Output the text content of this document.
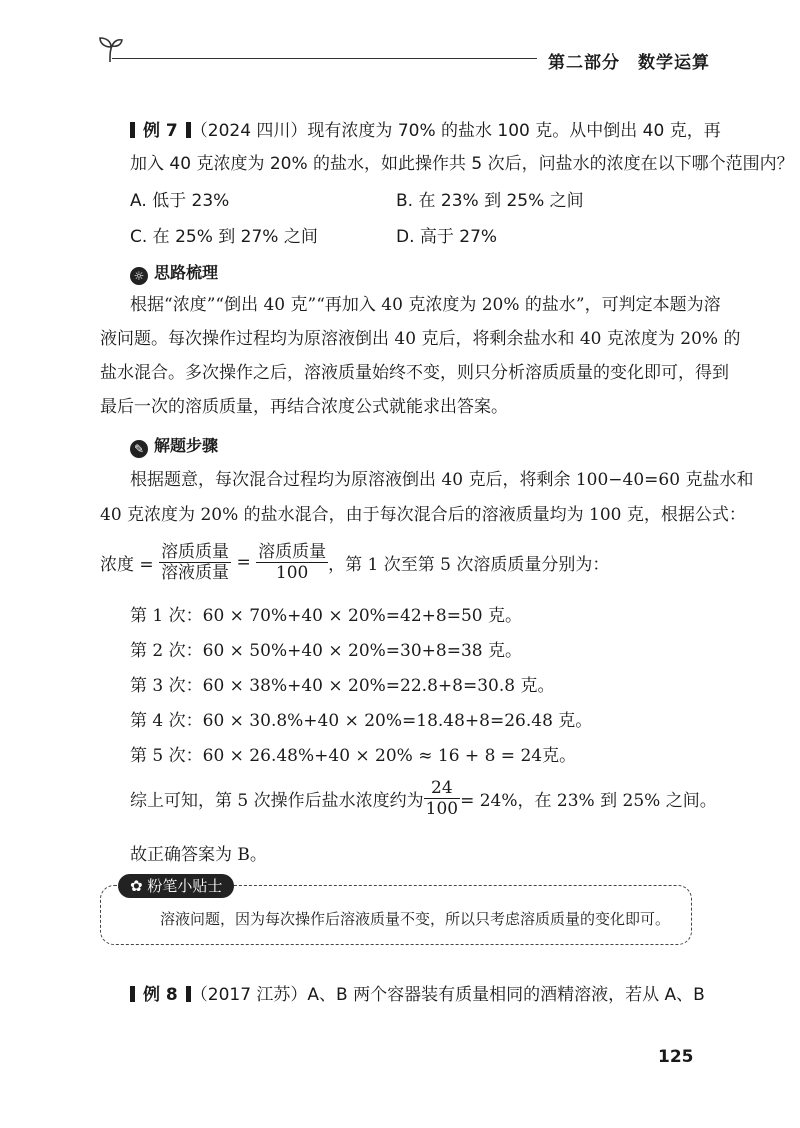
第二部分　数学运算
例 7 （2024 四川）现有浓度为 70% 的盐水 100 克。从中倒出 40 克，再
加入 40 克浓度为 20% 的盐水，如此操作共 5 次后，问盐水的浓度在以下哪个范围内？
A. 低于 23%	B. 在 23% 到 25% 之间
C. 在 25% 到 27% 之间	D. 高于 27%
☼ 思路梳理
根据“浓度”“倒出 40 克”“再加入 40 克浓度为 20% 的盐水”，可判定本题为溶
液问题。每次操作过程均为原溶液倒出 40 克后，将剩余盐水和 40 克浓度为 20% 的
盐水混合。多次操作之后，溶液质量始终不变，则只分析溶质质量的变化即可，得到
最后一次的溶质质量，再结合浓度公式就能求出答案。
✎ 解题步骤
根据题意，每次混合过程均为原溶液倒出 40 克后，将剩余 100−40=60 克盐水和
40 克浓度为 20% 的盐水混合，由于每次混合后的溶液质量均为 100 克，根据公式：
浓度 = $\frac{\text{溶质质量}}{\text{溶液质量}} = \frac{\text{溶质质量}}{100}$ ，第 1 次至第 5 次溶质质量分别为：
第 1 次：60 × 70%+40 × 20%=42+8=50 克。
第 2 次：60 × 50%+40 × 20%=30+8=38 克。
第 3 次：60 × 38%+40 × 20%=22.8+8=30.8 克。
第 4 次：60 × 30.8%+40 × 20%=18.48+8=26.48 克。
第 5 次：60 × 26.48%+40 × 20% ≈ 16 + 8 = 24克。
综上可知，第 5 次操作后盐水浓度约为 $\frac{24}{100} = 24\%$，在 23% 到 25% 之间。
故正确答案为 B。
✿ 粉笔小贴士
溶液问题，因为每次操作后溶液质量不变，所以只考虑溶质质量的变化即可。
例 8 （2017 江苏）A、B 两个容器装有质量相同的酒精溶液，若从 A、B
125
